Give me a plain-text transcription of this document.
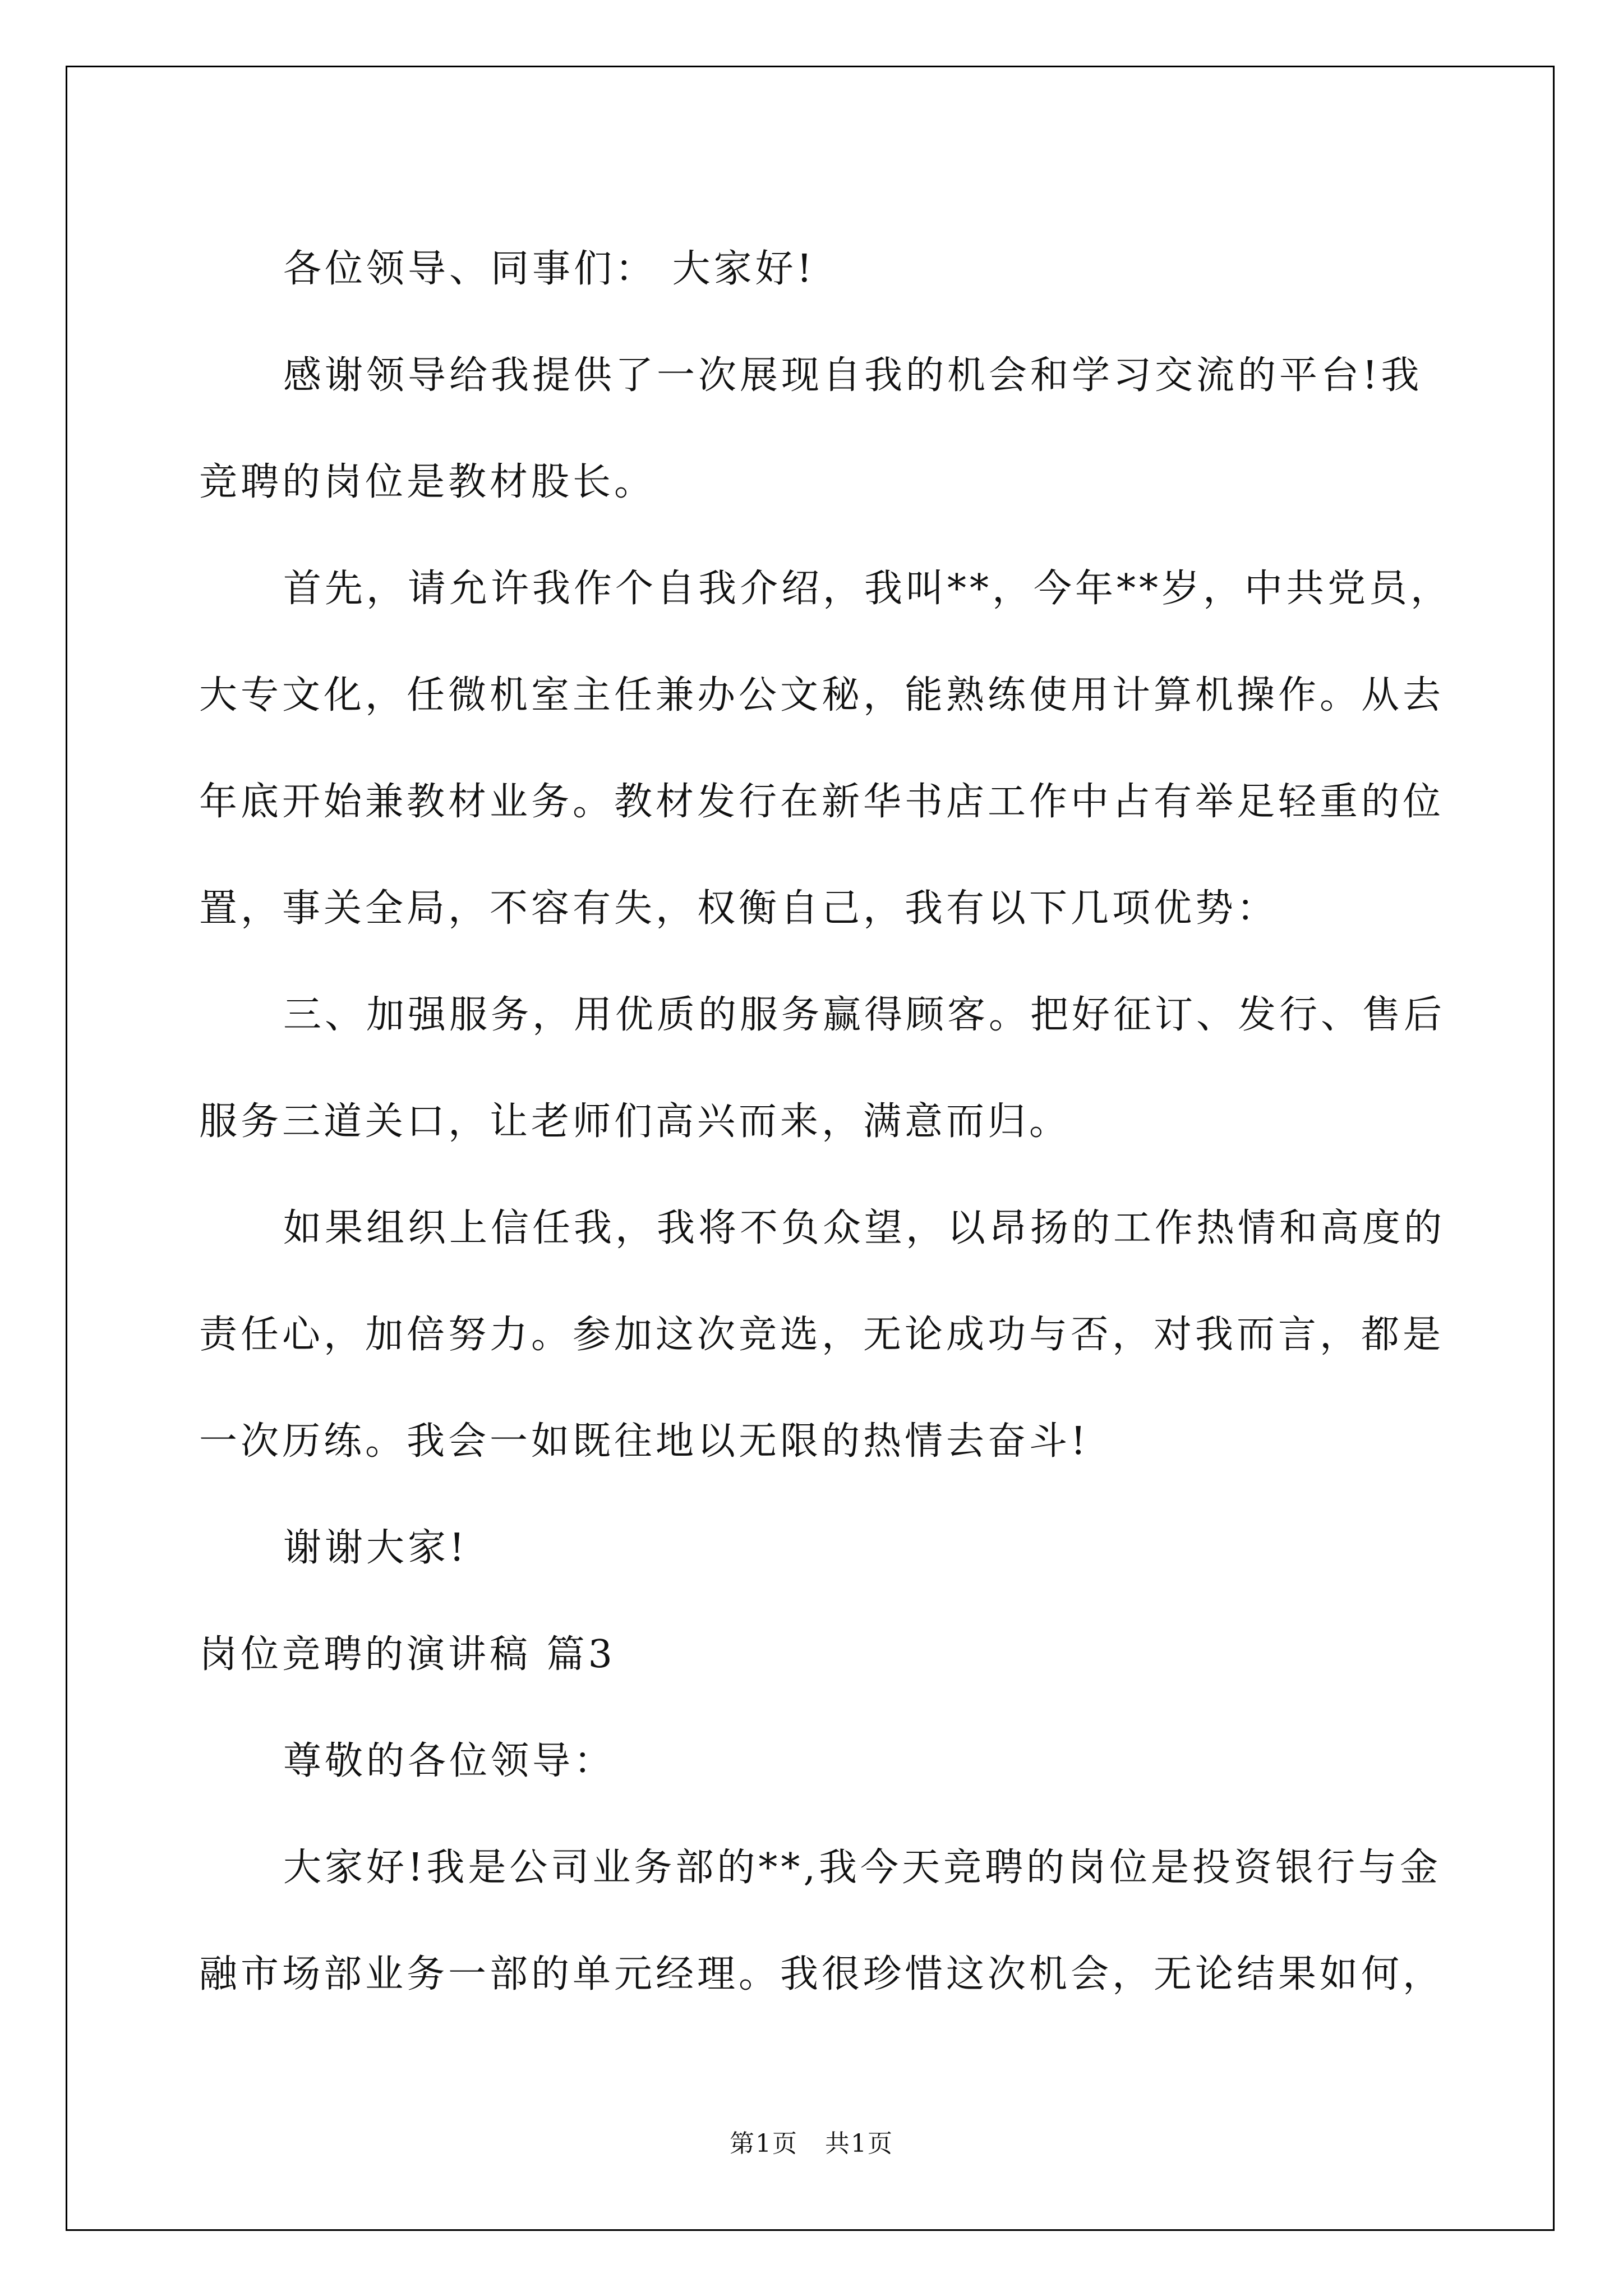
各位领导、同事们： 大家好!

感谢领导给我提供了一次展现自我的机会和学习交流的平台!我

竞聘的岗位是教材股长。

首先，请允许我作个自我介绍，我叫**，今年**岁，中共党员，

大专文化，任微机室主任兼办公文秘，能熟练使用计算机操作。从去

年底开始兼教材业务。教材发行在新华书店工作中占有举足轻重的位

置，事关全局，不容有失，权衡自己，我有以下几项优势：

三、加强服务，用优质的服务赢得顾客。把好征订、发行、售后

服务三道关口，让老师们高兴而来，满意而归。

如果组织上信任我，我将不负众望，以昂扬的工作热情和高度的

责任心，加倍努力。参加这次竞选，无论成功与否，对我而言，都是

一次历练。我会一如既往地以无限的热情去奋斗!

谢谢大家!

岗位竞聘的演讲稿 篇3

尊敬的各位领导：

大家好!我是公司业务部的**,我今天竞聘的岗位是投资银行与金

融市场部业务一部的单元经理。我很珍惜这次机会，无论结果如何，

第1页   共1页
